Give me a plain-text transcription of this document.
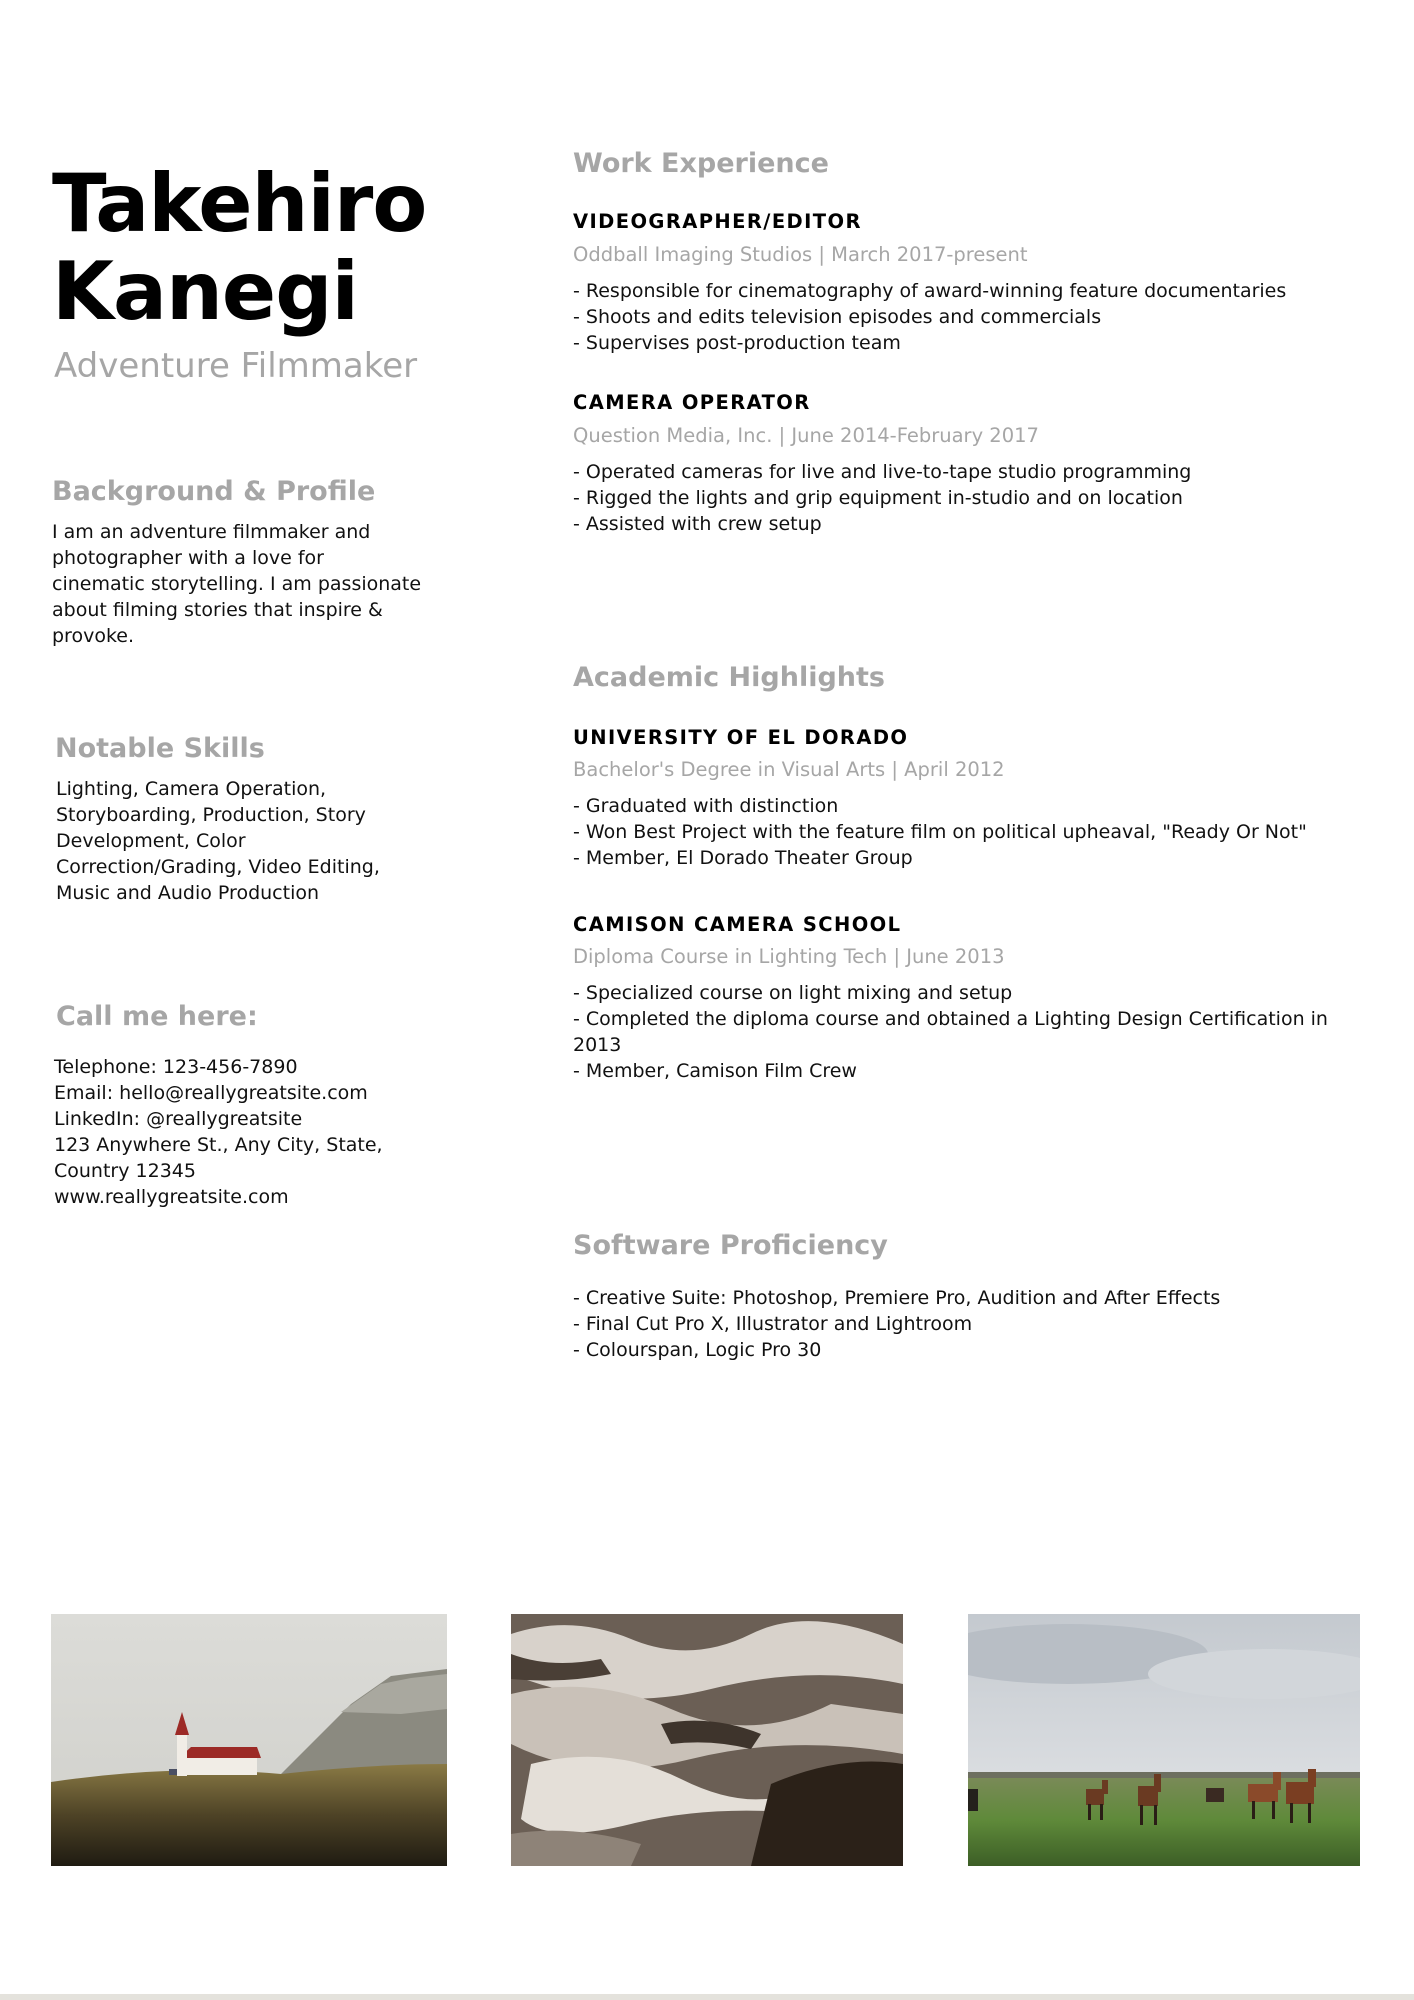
Takehiro
Kanegi
Adventure Filmmaker
Background & Profile
I am an adventure filmmaker and
photographer with a love for
cinematic storytelling. I am passionate
about filming stories that inspire &
provoke.
Notable Skills
Lighting, Camera Operation,
Storyboarding, Production, Story
Development, Color
Correction/Grading, Video Editing,
Music and Audio Production
Call me here:
Telephone: 123-456-7890
Email: hello@reallygreatsite.com
LinkedIn: @reallygreatsite
123 Anywhere St., Any City, State,
Country 12345
www.reallygreatsite.com
Work Experience
VIDEOGRAPHER/EDITOR
Oddball Imaging Studios | March 2017-present
- Responsible for cinematography of award-winning feature documentaries
- Shoots and edits television episodes and commercials
- Supervises post-production team
CAMERA OPERATOR
Question Media, Inc. | June 2014-February 2017
- Operated cameras for live and live-to-tape studio programming
- Rigged the lights and grip equipment in-studio and on location
- Assisted with crew setup
Academic Highlights
UNIVERSITY OF EL DORADO
Bachelor's Degree in Visual Arts | April 2012
- Graduated with distinction
- Won Best Project with the feature film on political upheaval, "Ready Or Not"
- Member, El Dorado Theater Group
CAMISON CAMERA SCHOOL
Diploma Course in Lighting Tech | June 2013
- Specialized course on light mixing and setup
- Completed the diploma course and obtained a Lighting Design Certification in
2013
- Member, Camison Film Crew
Software Proficiency
- Creative Suite: Photoshop, Premiere Pro, Audition and After Effects
- Final Cut Pro X, Illustrator and Lightroom
- Colourspan, Logic Pro 30
